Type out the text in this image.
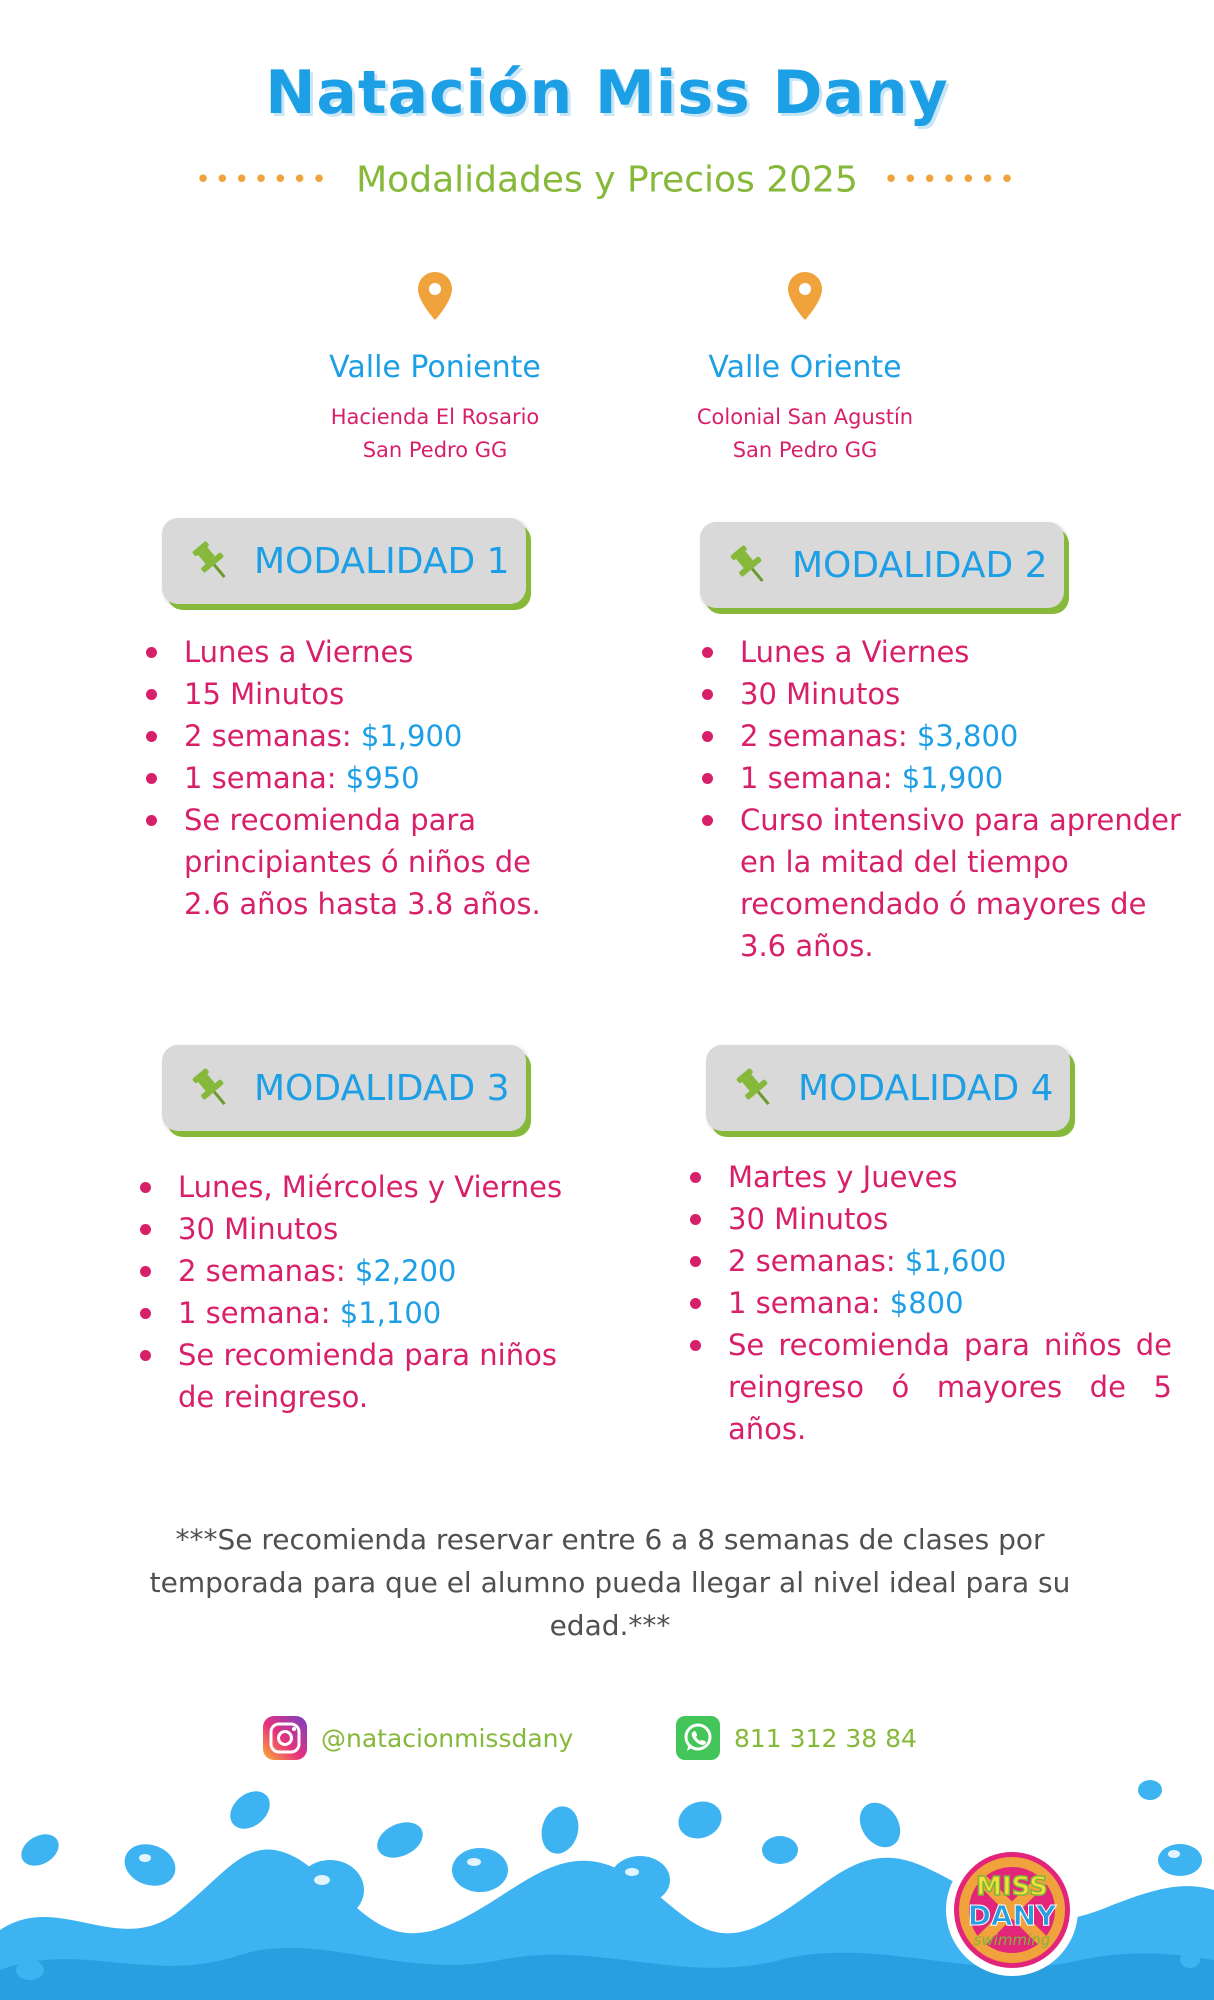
Natación Miss Dany
••••••• Modalidades y Precios 2025 •••••••
Valle Poniente
Hacienda El Rosario
San Pedro GG
Valle Oriente
Colonial San Agustín
San Pedro GG
MODALIDAD 1
Lunes a Viernes
15 Minutos
2 semanas: $1,900
1 semana: $950
Se recomienda para principiantes ó niños de 2.6 años hasta 3.8 años.
MODALIDAD 2
Lunes a Viernes
30 Minutos
2 semanas: $3,800
1 semana: $1,900
Curso intensivo para aprender en la mitad del tiempo recomendado ó mayores de 3.6 años.
MODALIDAD 3
Lunes, Miércoles y Viernes
30 Minutos
2 semanas: $2,200
1 semana: $1,100
Se recomienda para niños de reingreso.
MODALIDAD 4
Martes y Jueves
30 Minutos
2 semanas: $1,600
1 semana: $800
Se recomienda para niños de reingreso ó mayores de 5 años.
***Se recomienda reservar entre 6 a 8 semanas de clases por temporada para que el alumno pueda llegar al nivel ideal para su edad.***
@natacionmissdany	811 312 38 84
MISS
DANY
swimming
